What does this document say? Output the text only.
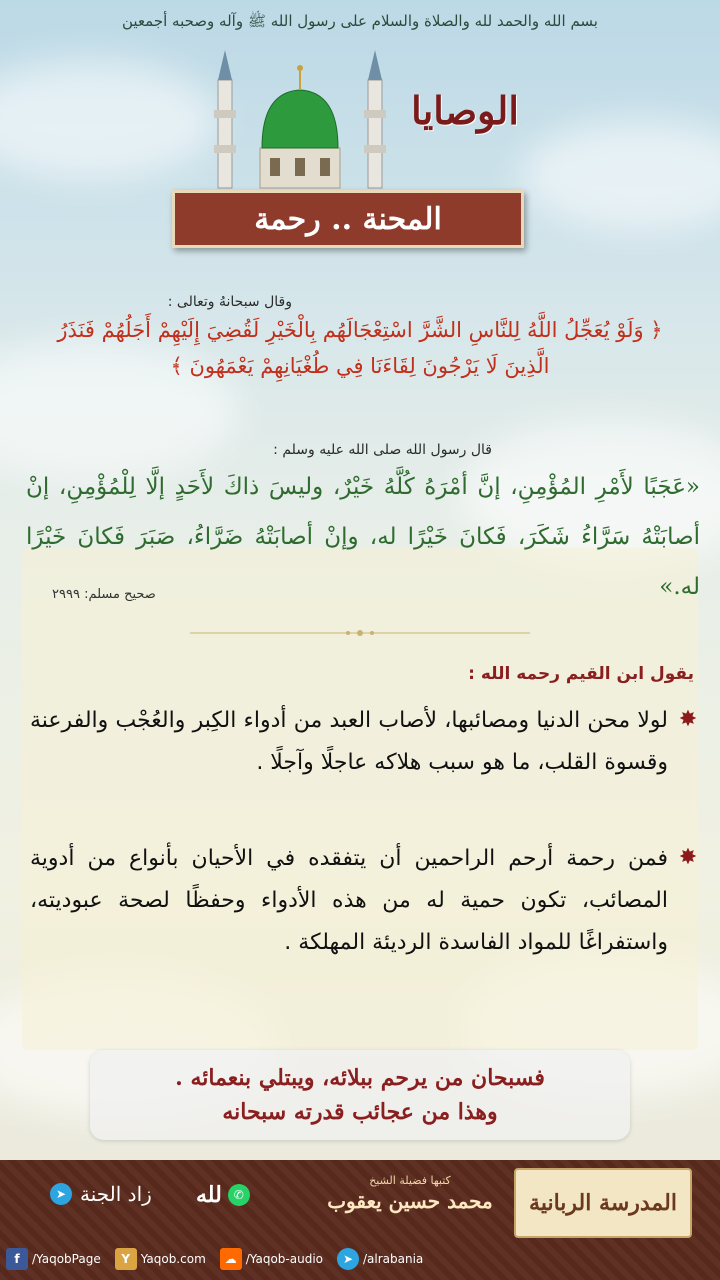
بسم الله والحمد لله والصلاة والسلام على رسول الله ﷺ وآله وصحبه أجمعين
الوصايا
المحنة .. رحمة
وقال سبحانهُ وتعالى :
﴿ وَلَوْ يُعَجِّلُ اللَّهُ لِلنَّاسِ الشَّرَّ اسْتِعْجَالَهُم بِالْخَيْرِ لَقُضِيَ إِلَيْهِمْ أَجَلُهُمْ فَنَذَرُ الَّذِينَ لَا يَرْجُونَ لِقَاءَنَا فِي طُغْيَانِهِمْ يَعْمَهُونَ ﴾
قال رسول الله صلى الله عليه وسلم :
«عَجَبًا لأَمْرِ المُؤْمِنِ، إنَّ أمْرَهُ كُلَّهُ خَيْرٌ، وليسَ ذاكَ لأَحَدٍ إلَّا لِلْمُؤْمِنِ، إنْ أصابَتْهُ سَرَّاءُ شَكَرَ، فَكانَ خَيْرًا له، وإنْ أصابَتْهُ ضَرَّاءُ، صَبَرَ فَكانَ خَيْرًا له.»
صحيح مسلم: ٢٩٩٩
يقول ابن القيم رحمه الله :
✸
لولا محن الدنيا ومصائبها، لأصاب العبد من أدواء الكِبر والعُجْب والفرعنة وقسوة القلب، ما هو سبب هلاكه عاجلًا وآجلًا .
✸
فمن رحمة أرحم الراحمين أن يتفقده في الأحيان بأنواع من أدوية المصائب، تكون حمية له من هذه الأدواء وحفظًا لصحة عبوديته، واستفراغًا للمواد الفاسدة الرديئة المهلكة .
فسبحان من يرحم ببلائه، ويبتلي بنعمائه .
وهذا من عجائب قدرته سبحانه
المدرسة الربانية
كتبها فضيلة الشيخ
محمد حسين يعقوب
لله ✆
➤ زاد الجنة
f	/YaqobPage	Y Yaqob.com	☁ /Yaqob-audio	➤ /alrabania
